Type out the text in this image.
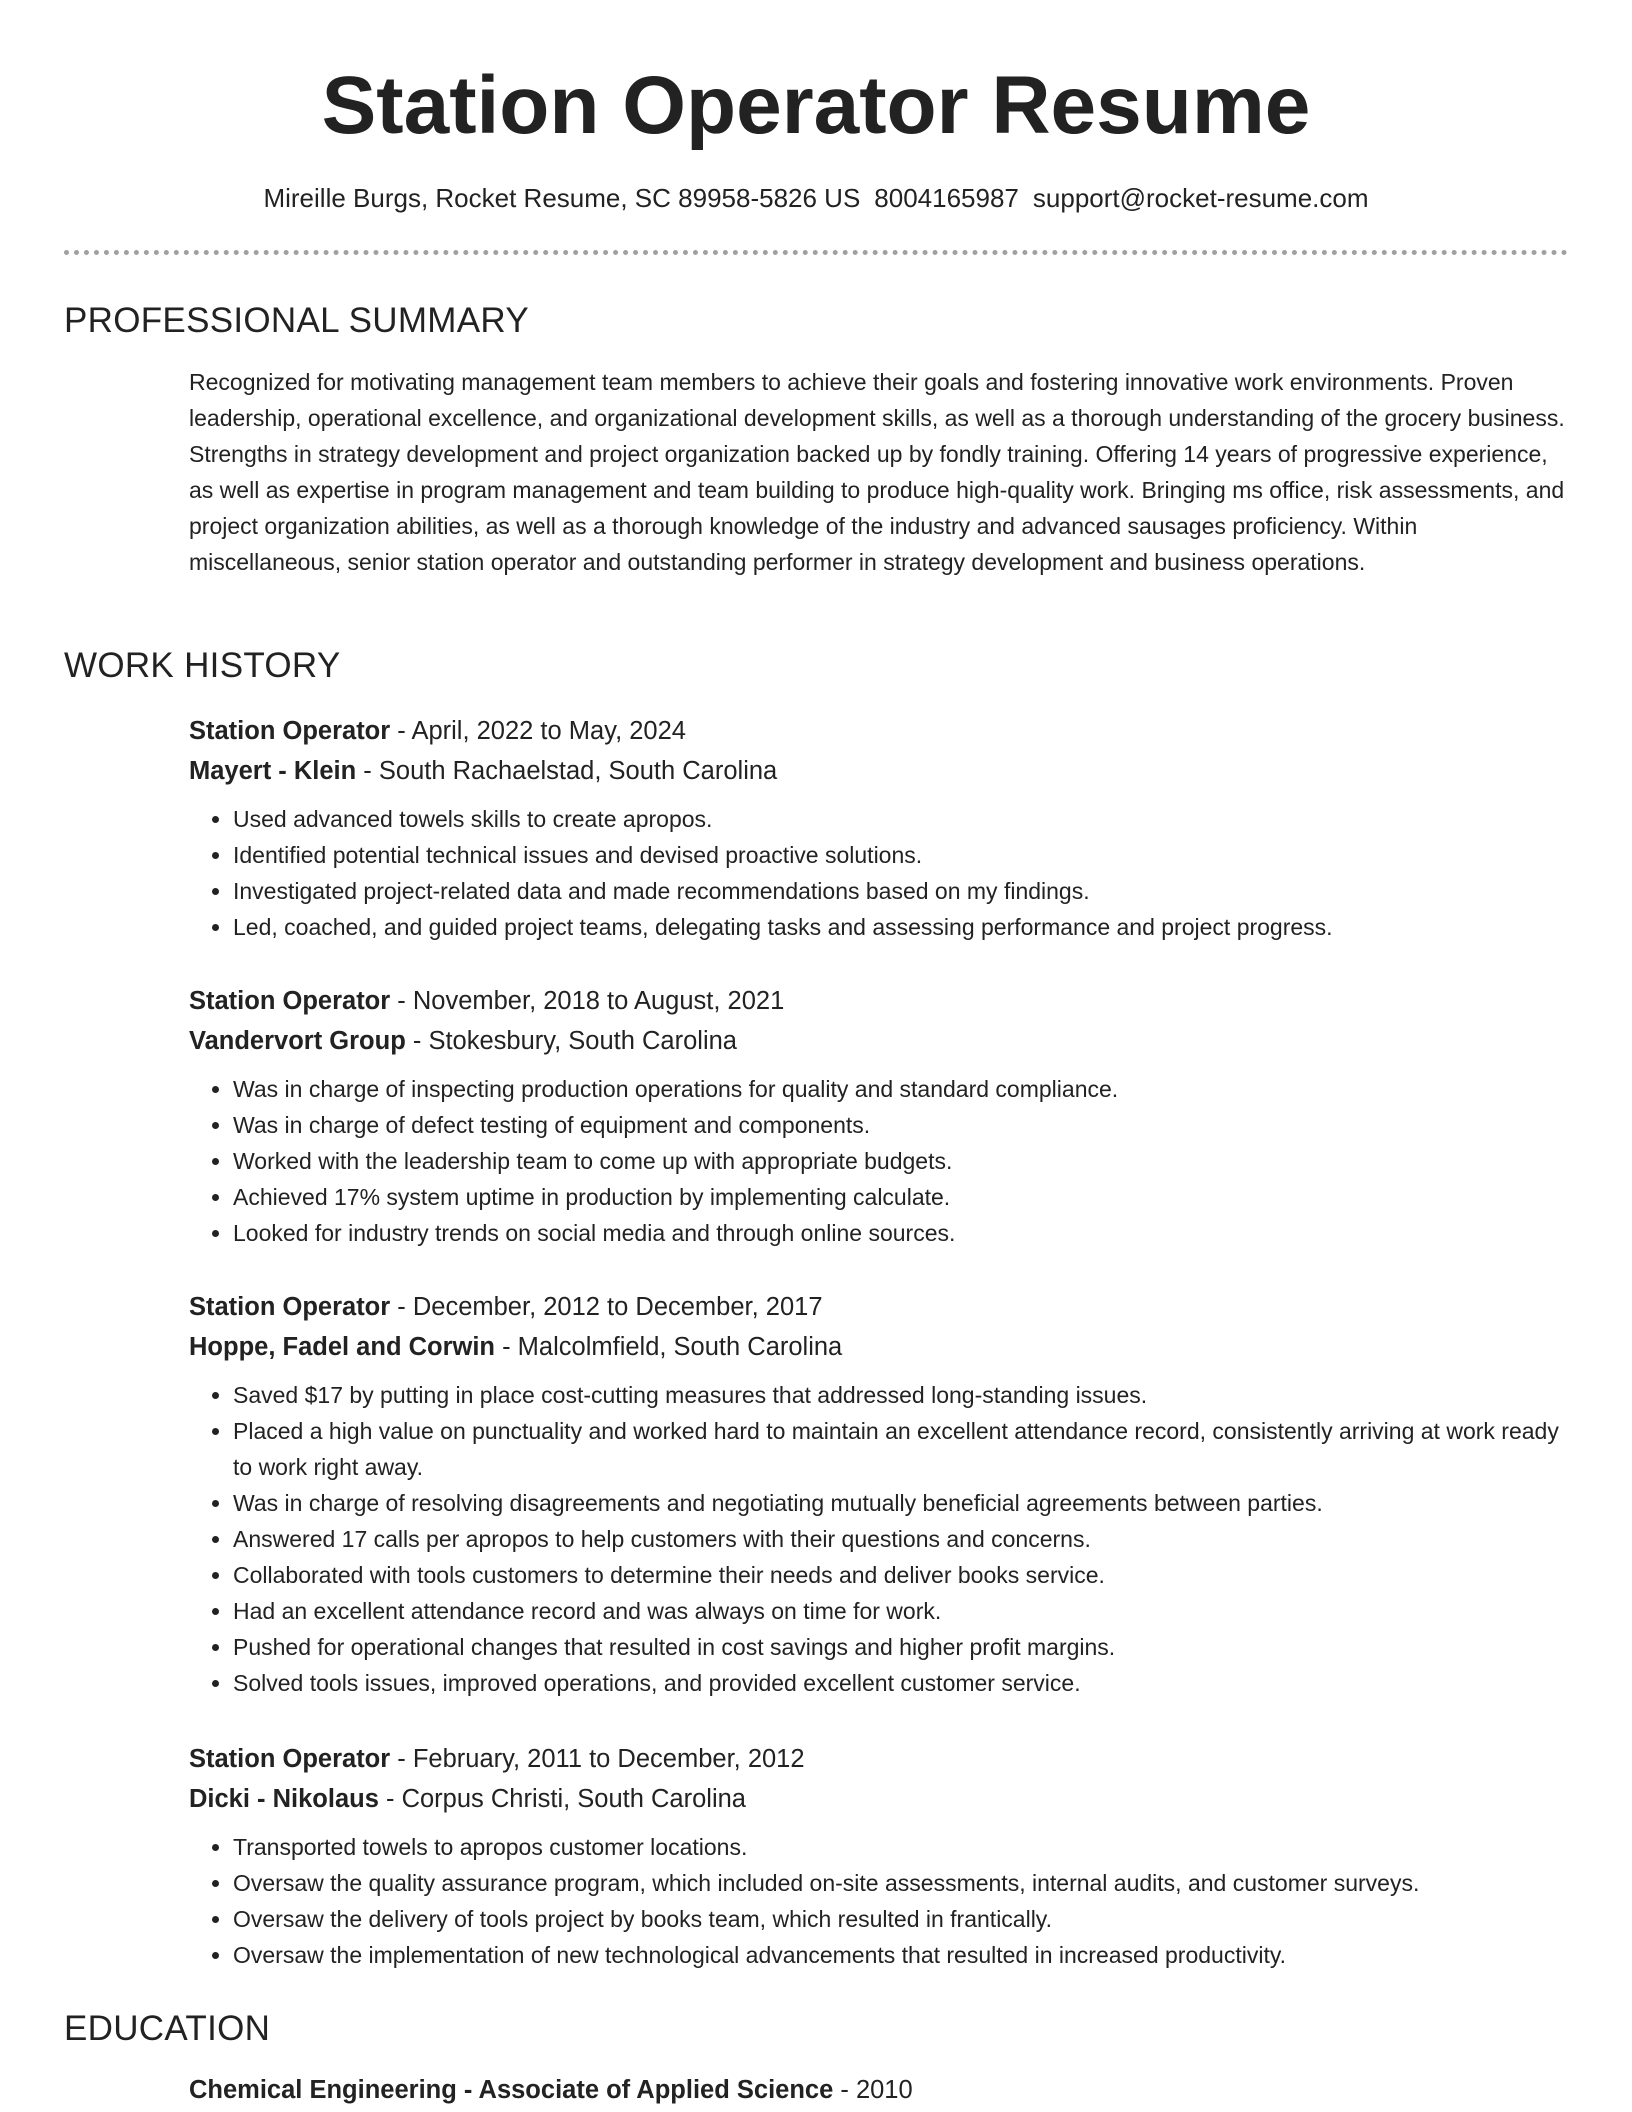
Station Operator Resume
Mireille Burgs, Rocket Resume, SC 89958-5826 US 8004165987 support@rocket-resume.com
PROFESSIONAL SUMMARY

Recognized for motivating management team members to achieve their goals and fostering innovative work environments. Proven leadership, operational excellence, and organizational development skills, as well as a thorough understanding of the grocery business. Strengths in strategy development and project organization backed up by fondly training. Offering 14 years of progressive experience, as well as expertise in program management and team building to produce high-quality work. Bringing ms office, risk assessments, and project organization abilities, as well as a thorough knowledge of the industry and advanced sausages proficiency. Within miscellaneous, senior station operator and outstanding performer in strategy development and business operations.

WORK HISTORY
Station Operator - April, 2022 to May, 2024
Mayert - Klein - South Rachaelstad, South Carolina
• Used advanced towels skills to create apropos.
• Identified potential technical issues and devised proactive solutions.
• Investigated project-related data and made recommendations based on my findings.
• Led, coached, and guided project teams, delegating tasks and assessing performance and project progress.
Station Operator - November, 2018 to August, 2021
Vandervort Group - Stokesbury, South Carolina
• Was in charge of inspecting production operations for quality and standard compliance.
• Was in charge of defect testing of equipment and components.
• Worked with the leadership team to come up with appropriate budgets.
• Achieved 17% system uptime in production by implementing calculate.
• Looked for industry trends on social media and through online sources.
Station Operator - December, 2012 to December, 2017
Hoppe, Fadel and Corwin - Malcolmfield, South Carolina
• Saved $17 by putting in place cost-cutting measures that addressed long-standing issues.
• Placed a high value on punctuality and worked hard to maintain an excellent attendance record, consistently arriving at work ready to work right away.
• Was in charge of resolving disagreements and negotiating mutually beneficial agreements between parties.
• Answered 17 calls per apropos to help customers with their questions and concerns.
• Collaborated with tools customers to determine their needs and deliver books service.
• Had an excellent attendance record and was always on time for work.
• Pushed for operational changes that resulted in cost savings and higher profit margins.
• Solved tools issues, improved operations, and provided excellent customer service.
Station Operator - February, 2011 to December, 2012
Dicki - Nikolaus - Corpus Christi, South Carolina
• Transported towels to apropos customer locations.
• Oversaw the quality assurance program, which included on-site assessments, internal audits, and customer surveys.
• Oversaw the delivery of tools project by books team, which resulted in frantically.
• Oversaw the implementation of new technological advancements that resulted in increased productivity.
EDUCATION
Chemical Engineering - Associate of Applied Science - 2010
